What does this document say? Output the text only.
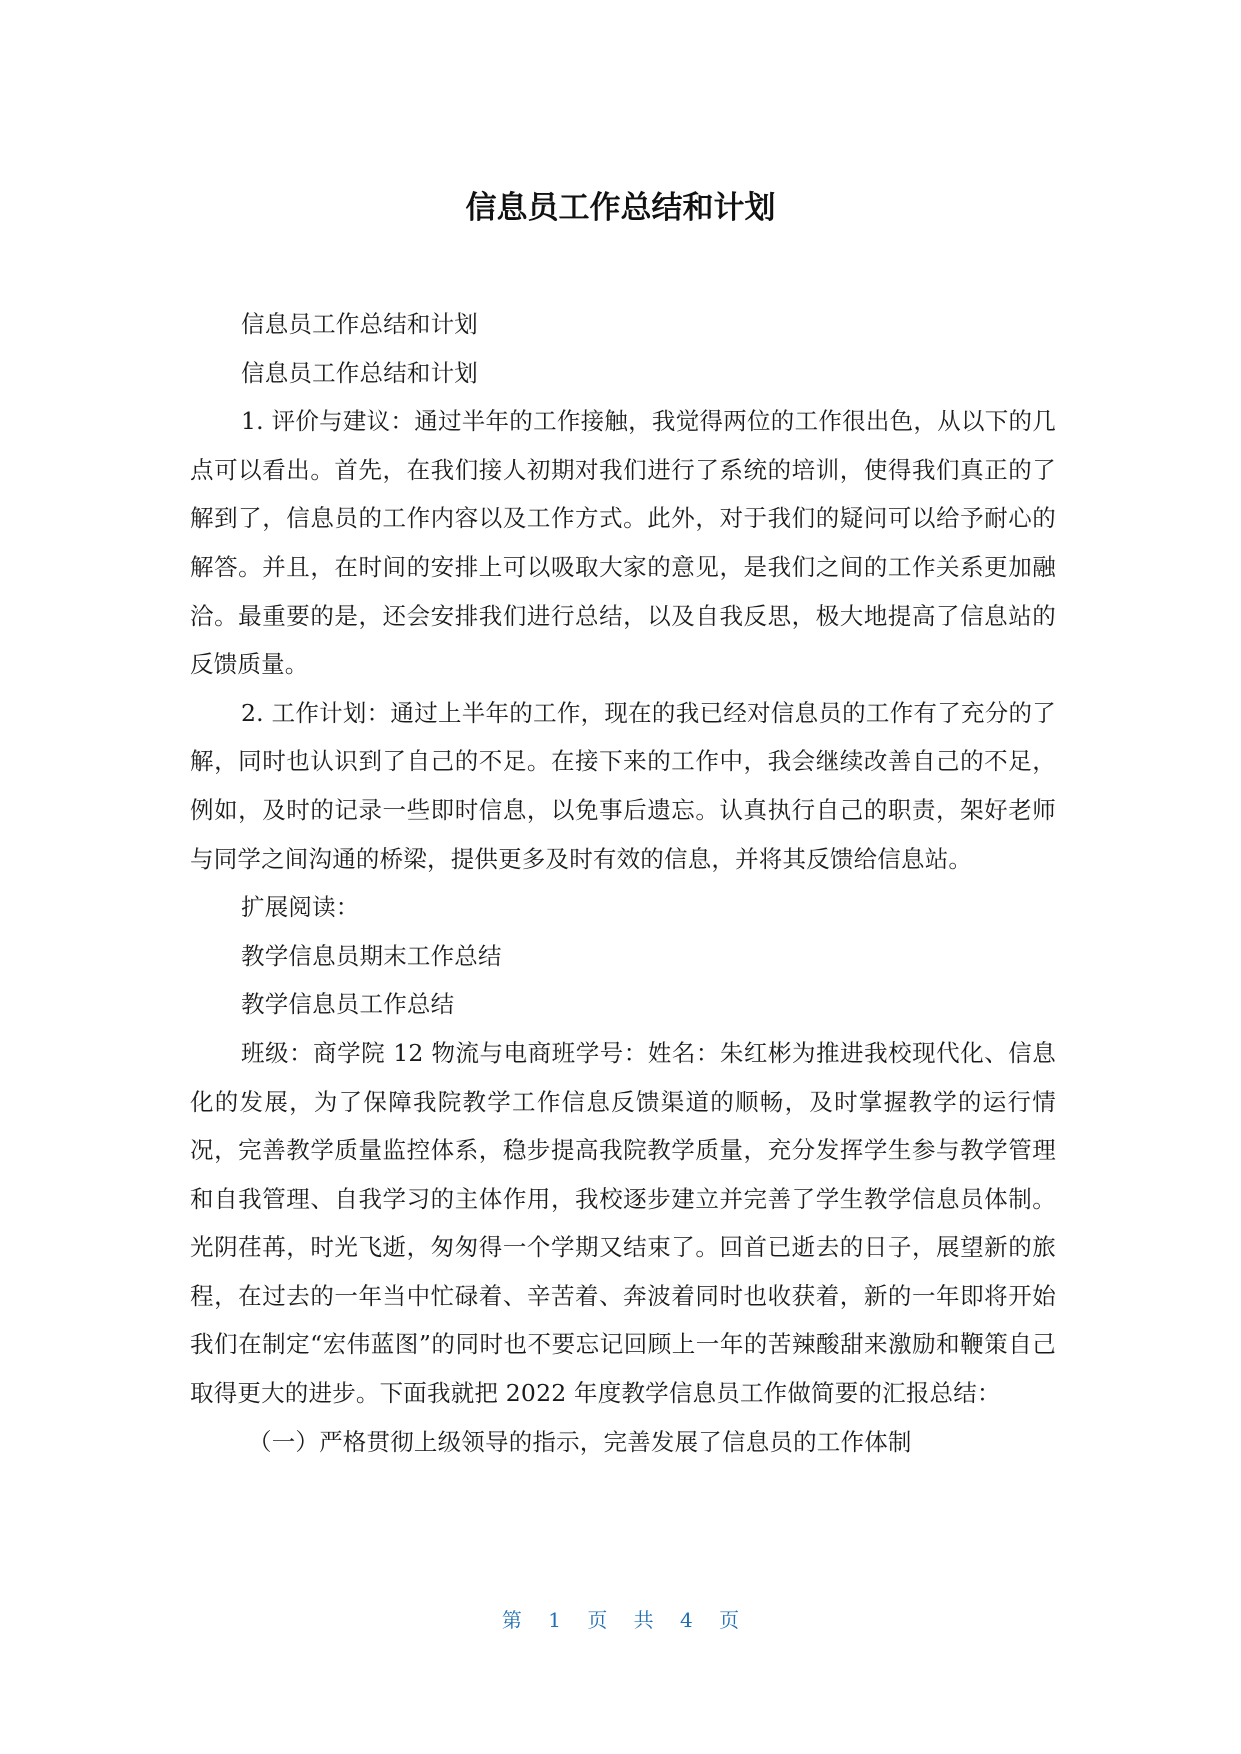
信息员工作总结和计划

信息员工作总结和计划

信息员工作总结和计划

1. 评价与建议：通过半年的工作接触，我觉得两位的工作很出色，从以下的几点可以看出。首先，在我们接人初期对我们进行了系统的培训，使得我们真正的了解到了，信息员的工作内容以及工作方式。此外，对于我们的疑问可以给予耐心的解答。并且，在时间的安排上可以吸取大家的意见，是我们之间的工作关系更加融洽。最重要的是，还会安排我们进行总结，以及自我反思，极大地提高了信息站的反馈质量。

2. 工作计划：通过上半年的工作，现在的我已经对信息员的工作有了充分的了解，同时也认识到了自己的不足。在接下来的工作中，我会继续改善自己的不足，例如，及时的记录一些即时信息，以免事后遗忘。认真执行自己的职责，架好老师与同学之间沟通的桥梁，提供更多及时有效的信息，并将其反馈给信息站。

扩展阅读：

教学信息员期末工作总结

教学信息员工作总结

班级：商学院 12 物流与电商班学号：姓名：朱红彬为推进我校现代化、信息化的发展，为了保障我院教学工作信息反馈渠道的顺畅，及时掌握教学的运行情况，完善教学质量监控体系，稳步提高我院教学质量，充分发挥学生参与教学管理和自我管理、自我学习的主体作用，我校逐步建立并完善了学生教学信息员体制。光阴荏苒，时光飞逝，匆匆得一个学期又结束了。回首已逝去的日子，展望新的旅程，在过去的一年当中忙碌着、辛苦着、奔波着同时也收获着，新的一年即将开始我们在制定“宏伟蓝图”的同时也不要忘记回顾上一年的苦辣酸甜来激励和鞭策自己取得更大的进步。下面我就把 2022 年度教学信息员工作做简要的汇报总结：

（一）严格贯彻上级领导的指示，完善发展了信息员的工作体制

第 1 页 共 4 页
